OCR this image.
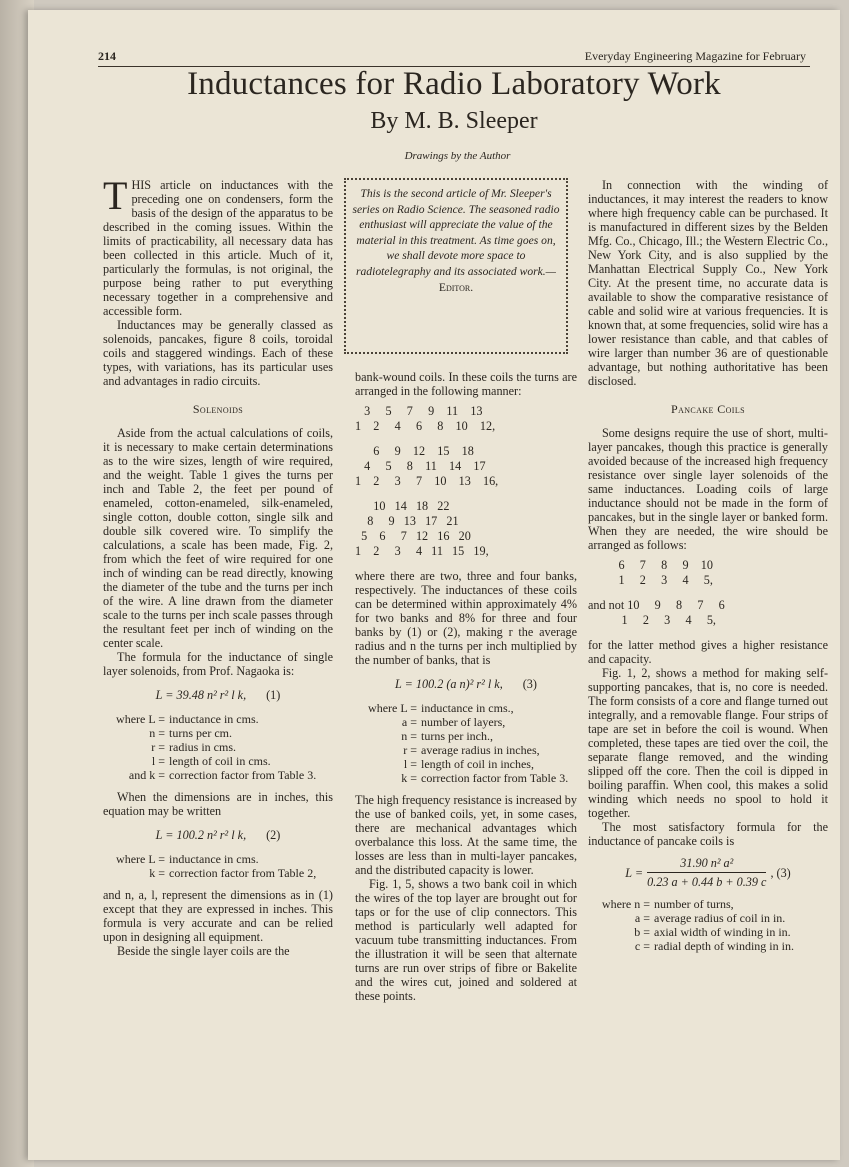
214	Everyday Engineering Magazine for February
Inductances for Radio Laboratory Work
By M. B. Sleeper
Drawings by the Author
This is the second article of Mr. Sleeper's series on Radio Science. The seasoned radio enthusiast will appreciate the value of the material in this treatment. As time goes on, we shall devote more space to radiotelegraphy and its associated work.—Editor.

THIS article on inductances with the preceding one on condensers, form the basis of the design of the apparatus to be described in the coming issues. Within the limits of practicability, all necessary data has been collected in this article. Much of it, particularly the formulas, is not original, the purpose being rather to put everything necessary together in a comprehensive and accessible form.

Inductances may be generally classed as solenoids, pancakes, figure 8 coils, toroidal coils and staggered windings. Each of these types, with variations, has its particular uses and advantages in radio circuits.

Solenoids

Aside from the actual calculations of coils, it is necessary to make certain determinations as to the wire sizes, length of wire required, and the weight. Table 1 gives the turns per inch and Table 2, the feet per pound of enameled, cotton-enameled, silk-enameled, single cotton, double cotton, single silk and double silk covered wire. To simplify the calculations, a scale has been made, Fig. 2, from which the feet of wire required for one inch of winding can be read directly, knowing the diameter of the tube and the turns per inch of the wire. A line drawn from the diameter scale to the turns per inch scale passes through the resultant feet per inch of winding on the center scale.

The formula for the inductance of single layer solenoids, from Prof. Nagaoka is:

L = 39.48 n² r² l k, (1)
where L = inductance in cms.
n = turns per cm.
r = radius in cms.
l = length of coil in cms.
and k = correction factor from Table 3.

When the dimensions are in inches, this equation may be written

L = 100.2 n² r² l k, (2)
where L = inductance in cms.
k = correction factor from Table 2,

and n, a, l, represent the dimensions as in (1) except that they are expressed in inches. This formula is very accurate and can be relied upon in designing all equipment.

Beside the single layer coils are the

bank-wound coils. In these coils the turns are arranged in the following manner:

3     5     7     9    11    13
1    2     4     6     8    10    12,
6     9    12    15    18
4     5     8    11    14    17
1    2     3     7    10    13    16,
10   14   18   22
8     9   13   17   21
5    6     7   12   16   20
1    2     3     4   11   15   19,

where there are two, three and four banks, respectively. The inductances of these coils can be determined within approximately 4% for two banks and 8% for three and four banks by (1) or (2), making r the average radius and n the turns per inch multiplied by the number of banks, that is

L = 100.2 (a n)² r² l k, (3)
where L = inductance in cms.,
a = number of layers,
n = turns per inch.,
r = average radius in inches,
l = length of coil in inches,
k = correction factor from Table 3.

The high frequency resistance is increased by the use of banked coils, yet, in some cases, there are mechanical advantages which overbalance this loss. At the same time, the losses are less than in multi-layer pancakes, and the distributed capacity is lower.

Fig. 1, 5, shows a two bank coil in which the wires of the top layer are brought out for taps or for the use of clip connectors. This method is particularly well adapted for vacuum tube transmitting inductances. From the illustration it will be seen that alternate turns are run over strips of fibre or Bakelite and the wires cut, joined and soldered at these points.

In connection with the winding of inductances, it may interest the readers to know where high frequency cable can be purchased. It is manufactured in different sizes by the Belden Mfg. Co., Chicago, Ill.; the Western Electric Co., New York City, and is also supplied by the Manhattan Electrical Supply Co., New York City. At the present time, no accurate data is available to show the comparative resistance of cable and solid wire at various frequencies. It is known that, at some frequencies, solid wire has a lower resistance than cable, and that cables of wire larger than number 36 are of questionable advantage, but nothing authoritative has been disclosed.

Pancake Coils

Some designs require the use of short, multi-layer pancakes, though this practice is generally avoided because of the increased high frequency resistance over single layer solenoids of the same inductances. Loading coils of large inductance should not be made in the form of pancakes, but in the single layer or banked form. When they are needed, the wire should be arranged as follows:

6     7     8     9    10
1     2     3     4     5,
and not 10     9     8     7     6
1     2     3     4     5,

for the latter method gives a higher resistance and capacity.

Fig. 1, 2, shows a method for making self-supporting pancakes, that is, no core is needed. The form consists of a core and flange turned out integrally, and a removable flange. Four strips of tape are set in before the coil is wound. When completed, these tapes are tied over the coil, the separate flange removed, and the winding slipped off the core. Then the coil is dipped in boiling paraffin. When cool, this makes a solid winding which needs no spool to hold it together.

The most satisfactory formula for the inductance of pancake coils is

$L = \frac{\text{31.90 n² a²}}{0.23 a + 0.44 b + 0.39 c}$ , (3)
where n = number of turns,
a = average radius of coil in in.
b = axial width of winding in in.
c = radial depth of winding in in.
